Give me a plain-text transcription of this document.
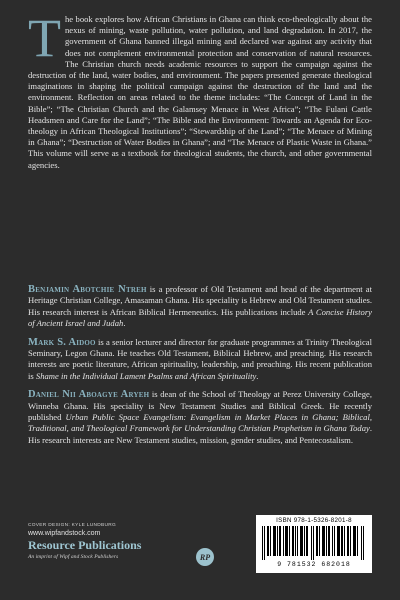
T he book explores how African Christians in Ghana can think eco-theologically about the nexus of mining, waste pollution, water pollution, and land degradation. In 2017, the government of Ghana banned illegal mining and declared war against any activity that does not complement environmental protection and conservation of natural resources. The Christian church needs academic resources to support the campaign against the destruction of the land, water bodies, and environment. The papers presented generate theological imaginations in shaping the political campaign against the destruction of the land and the environment. Reflection on areas related to the theme includes: “The Concept of Land in the Bible”; “The Christian Church and the Galamsey Menace in West Africa”; “The Fulani Cattle Headsmen and Care for the Land”; “The Bible and the Environment: Towards an Agenda for Eco-theology in African Theological Institutions”; “Stewardship of the Land”; “The Menace of Mining in Ghana”; “Destruction of Water Bodies in Ghana”; and “The Menace of Plastic Waste in Ghana.” This volume will serve as a textbook for theological students, the church, and other governmental agencies.

Benjamin Abotchie Ntreh is a professor of Old Testament and head of the department at Heritage Christian College, Amasaman Ghana. His speciality is Hebrew and Old Testament studies. His research interest is African Biblical Hermeneutics. His publications include A Concise History of Ancient Israel and Judah.

Mark S. Aidoo is a senior lecturer and director for graduate programmes at Trinity Theological Seminary, Legon Ghana. He teaches Old Testament, Biblical Hebrew, and preaching. His research interests are poetic literature, African spirituality, leadership, and preaching. His recent publication is Shame in the Individual Lament Psalms and African Spirituality.

Daniel Nii Aboagye Aryeh is dean of the School of Theology at Perez University College, Winneba Ghana. His speciality is New Testament Studies and Biblical Greek. He recently published Urban Public Space Evangelism: Evangelism in Market Places in Ghana; Biblical, Traditional, and Theological Framework for Understanding Christian Prophetism in Ghana Today. His research interests are New Testament studies, mission, gender studies, and Pentecostalism.

COVER DESIGN: KYLE LUNDBURG
www.wipfandstock.com
Resource Publications
An imprint of Wipf and Stock Publishers	RP
ISBN 978-1-5326-8201-8
9 781532 682018
